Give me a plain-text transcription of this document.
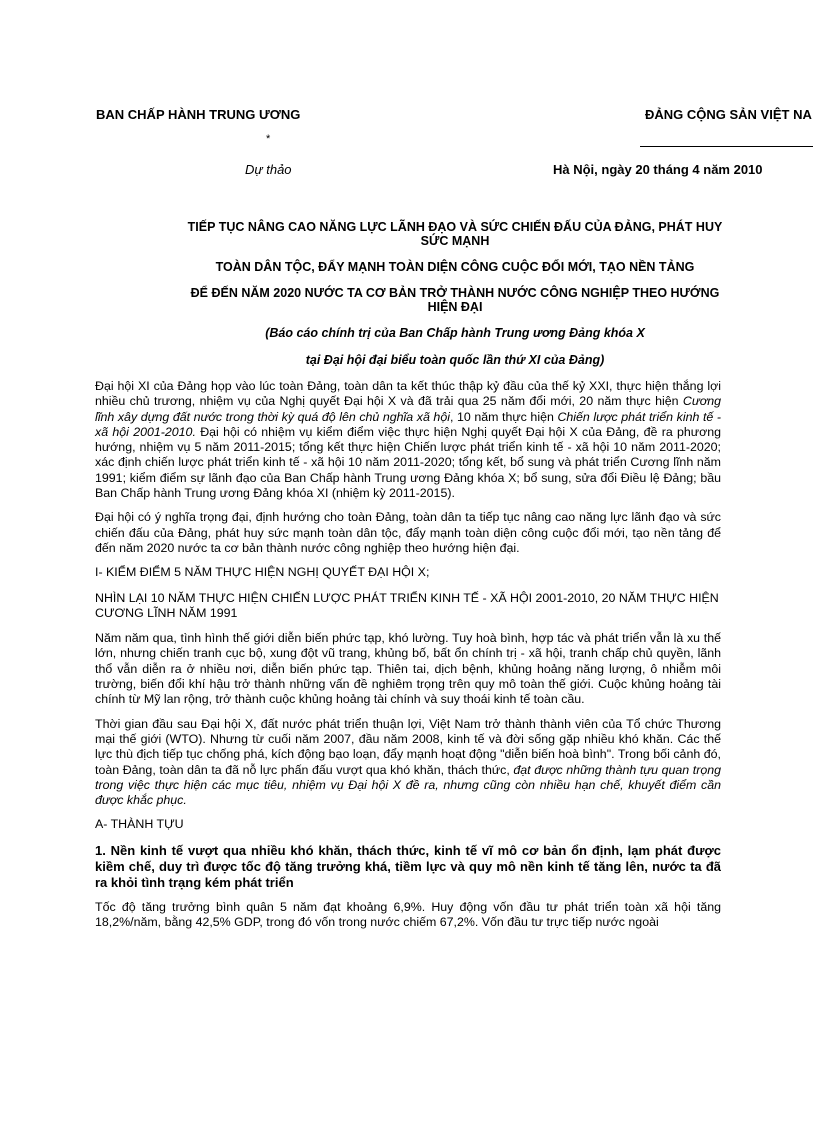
BAN CHẤP HÀNH TRUNG ƯƠNG	ĐẢNG CỘNG SẢN VIỆT NA
*
Dự thảo	Hà Nội, ngày 20 tháng 4 năm 2010

TIẾP TỤC NÂNG CAO NĂNG LỰC LÃNH ĐẠO VÀ SỨC CHIẾN ĐẤU CỦA ĐẢNG, PHÁT HUY SỨC MẠNH

TOÀN DÂN TỘC, ĐẨY MẠNH TOÀN DIỆN CÔNG CUỘC ĐỔI MỚI, TẠO NỀN TẢNG

ĐỂ ĐẾN NĂM 2020 NƯỚC TA CƠ BẢN TRỞ THÀNH NƯỚC CÔNG NGHIỆP THEO HƯỚNG HIỆN ĐẠI

(Báo cáo chính trị của Ban Chấp hành Trung ương Đảng khóa X

tại Đại hội đại biểu toàn quốc lần thứ XI của Đảng)

Đại hội XI của Đảng họp vào lúc toàn Đảng, toàn dân ta kết thúc thập kỷ đầu của thế kỷ XXI, thực hiện thắng lợi nhiều chủ trương, nhiệm vụ của Nghị quyết Đại hội X và đã trải qua 25 năm đổi mới, 20 năm thực hiện Cương lĩnh xây dựng đất nước trong thời kỳ quá độ lên chủ nghĩa xã hội, 10 năm thực hiện Chiến lược phát triển kinh tế - xã hội 2001-2010. Đại hội có nhiệm vụ kiểm điểm việc thực hiện Nghị quyết Đại hội X của Đảng, đề ra phương hướng, nhiệm vụ 5 năm 2011-2015; tổng kết thực hiện Chiến lược phát triển kinh tế - xã hội 10 năm 2011-2020; xác định chiến lược phát triển kinh tế - xã hội 10 năm 2011-2020; tổng kết, bổ sung và phát triển Cương lĩnh năm 1991; kiểm điểm sự lãnh đạo của Ban Chấp hành Trung ương Đảng khóa X; bổ sung, sửa đổi Điều lệ Đảng; bầu Ban Chấp hành Trung ương Đảng khóa XI (nhiệm kỳ 2011-2015).

Đại hội có ý nghĩa trọng đại, định hướng cho toàn Đảng, toàn dân ta tiếp tục nâng cao năng lực lãnh đạo và sức chiến đấu của Đảng, phát huy sức mạnh toàn dân tộc, đẩy mạnh toàn diện công cuộc đổi mới, tạo nền tảng để đến năm 2020 nước ta cơ bản thành nước công nghiệp theo hướng hiện đại.

I- KIỂM ĐIỂM 5 NĂM THỰC HIỆN NGHỊ QUYẾT ĐẠI HỘI X;

NHÌN LẠI 10 NĂM THỰC HIỆN CHIẾN LƯỢC PHÁT TRIỂN KINH TẾ - XÃ HỘI 2001-2010, 20 NĂM THỰC HIỆN CƯƠNG LĨNH NĂM 1991

Năm năm qua, tình hình thế giới diễn biến phức tạp, khó lường. Tuy hoà bình, hợp tác và phát triển vẫn là xu thế lớn, nhưng chiến tranh cục bộ, xung đột vũ trang, khủng bố, bất ổn chính trị - xã hội, tranh chấp chủ quyền, lãnh thổ vẫn diễn ra ở nhiều nơi, diễn biến phức tạp. Thiên tai, dịch bệnh, khủng hoảng năng lượng, ô nhiễm môi trường, biến đổi khí hậu trở thành những vấn đề nghiêm trọng trên quy mô toàn thế giới. Cuộc khủng hoảng tài chính từ Mỹ lan rộng, trở thành cuộc khủng hoảng tài chính và suy thoái kinh tế toàn cầu.

Thời gian đầu sau Đại hội X, đất nước phát triển thuận lợi, Việt Nam trở thành thành viên của Tổ chức Thương mại thế giới (WTO). Nhưng từ cuối năm 2007, đầu năm 2008, kinh tế và đời sống gặp nhiều khó khăn. Các thế lực thù địch tiếp tục chống phá, kích động bạo loạn, đẩy mạnh hoạt động "diễn biến hoà bình". Trong bối cảnh đó, toàn Đảng, toàn dân ta đã nỗ lực phấn đấu vượt qua khó khăn, thách thức, đạt được những thành tựu quan trọng trong việc thực hiện các mục tiêu, nhiệm vụ Đại hội X đề ra, nhưng cũng còn nhiều hạn chế, khuyết điểm cần được khắc phục.

A- THÀNH TỰU

1. Nền kinh tế vượt qua nhiều khó khăn, thách thức, kinh tế vĩ mô cơ bản ổn định, lạm phát được kiềm chế, duy trì được tốc độ tăng trưởng khá, tiềm lực và quy mô nền kinh tế tăng lên, nước ta đã ra khỏi tình trạng kém phát triển

Tốc độ tăng trưởng bình quân 5 năm đạt khoảng 6,9%. Huy động vốn đầu tư phát triển toàn xã hội tăng 18,2%/năm, bằng 42,5% GDP, trong đó vốn trong nước chiếm 67,2%. Vốn đầu tư trực tiếp nước ngoài
